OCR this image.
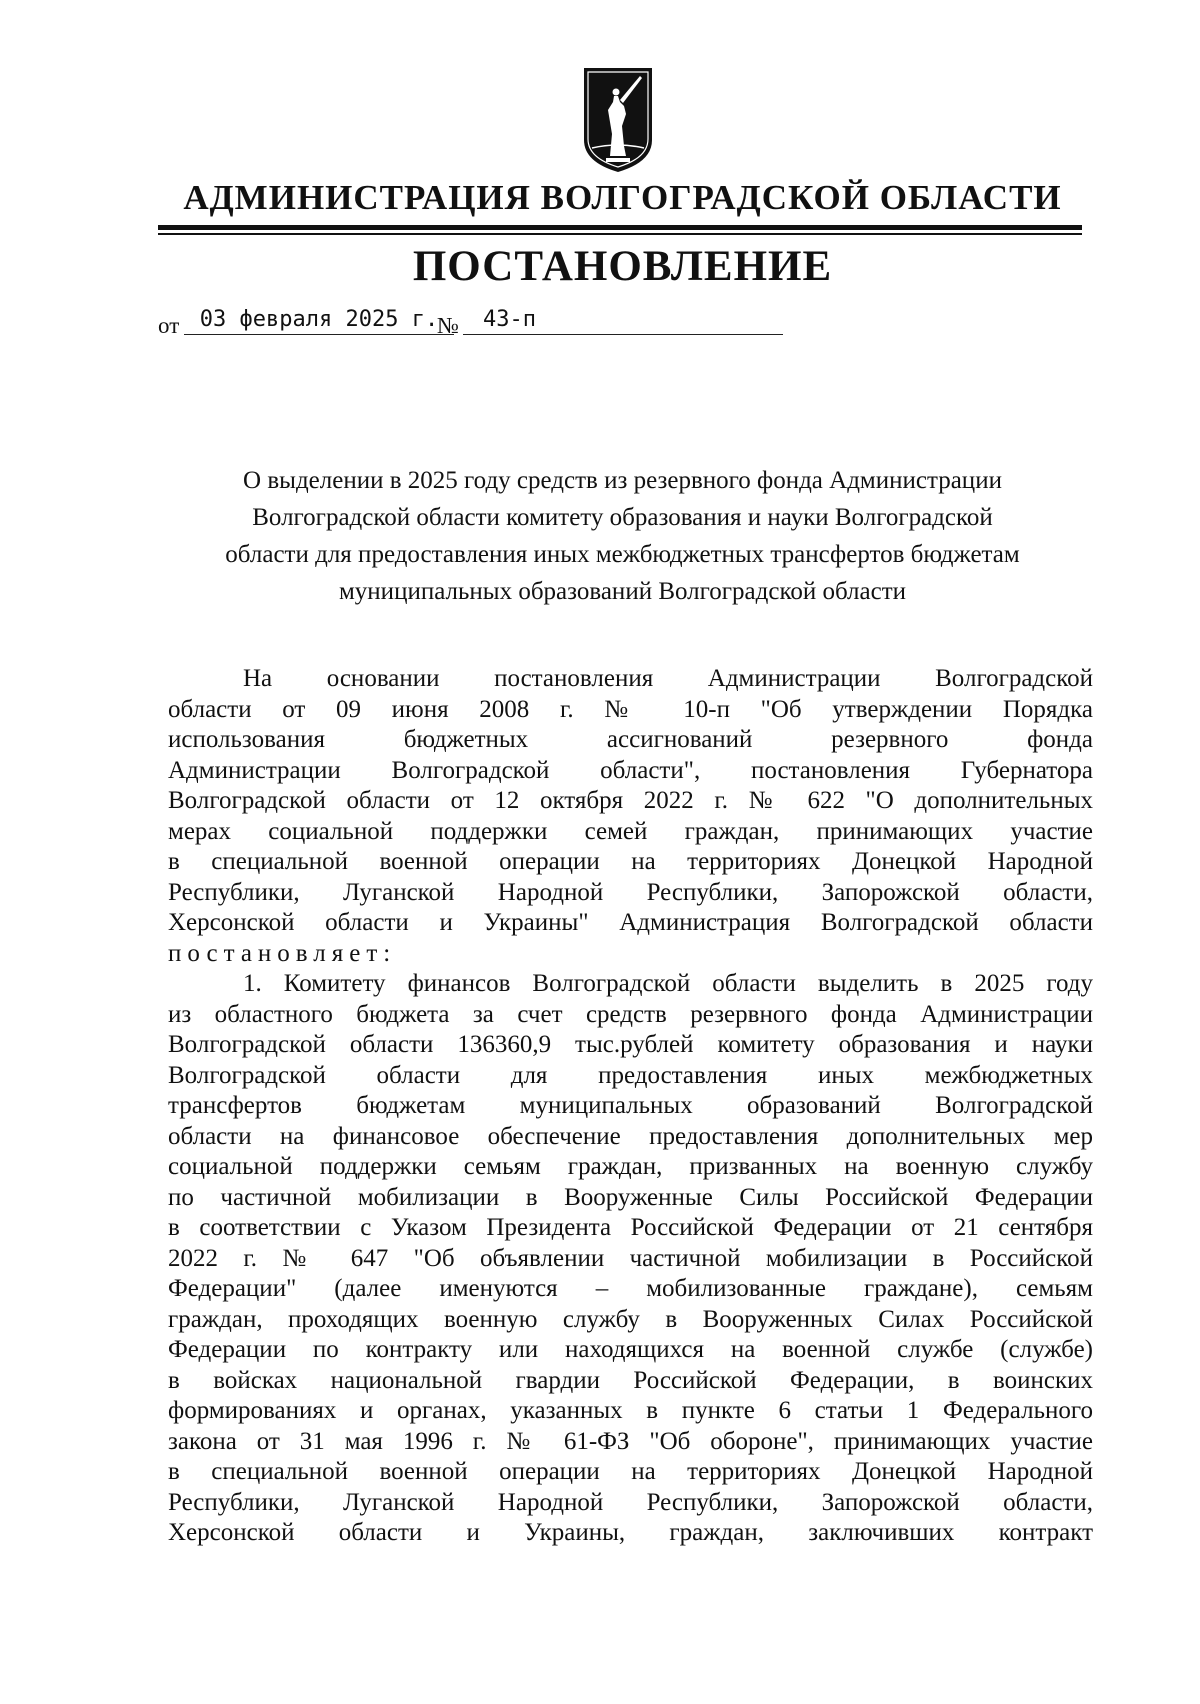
АДМИНИСТРАЦИЯ ВОЛГОГРАДСКОЙ ОБЛАСТИ
ПОСТАНОВЛЕНИЕ
от 03 февраля 2025 г.
№	43-п
О выделении в 2025 году средств из резервного фонда Администрации
Волгоградской области комитету образования и науки Волгоградской
области для предоставления иных межбюджетных трансфертов бюджетам
муниципальных образований Волгоградской области
На основании постановления Администрации Волгоградской
области от 09 июня 2008 г. № 10-п "Об утверждении Порядка
использования бюджетных ассигнований резервного фонда
Администрации Волгоградской области", постановления Губернатора
Волгоградской области от 12 октября 2022 г. № 622 "О дополнительных
мерах социальной поддержки семей граждан, принимающих участие
в специальной военной операции на территориях Донецкой Народной
Республики, Луганской Народной Республики, Запорожской области,
Херсонской области и Украины" Администрация Волгоградской области
постановляет:
1. Комитету финансов Волгоградской области выделить в 2025 году
из областного бюджета за счет средств резервного фонда Администрации
Волгоградской области 136360,9 тыс.рублей комитету образования и науки
Волгоградской области для предоставления иных межбюджетных
трансфертов бюджетам муниципальных образований Волгоградской
области на финансовое обеспечение предоставления дополнительных мер
социальной поддержки семьям граждан, призванных на военную службу
по частичной мобилизации в Вооруженные Силы Российской Федерации
в соответствии с Указом Президента Российской Федерации от 21 сентября
2022 г. № 647 "Об объявлении частичной мобилизации в Российской
Федерации" (далее именуются – мобилизованные граждане), семьям
граждан, проходящих военную службу в Вооруженных Силах Российской
Федерации по контракту или находящихся на военной службе (службе)
в войсках национальной гвардии Российской Федерации, в воинских
формированиях и органах, указанных в пункте 6 статьи 1 Федерального
закона от 31 мая 1996 г. № 61-ФЗ "Об обороне", принимающих участие
в специальной военной операции на территориях Донецкой Народной
Республики, Луганской Народной Республики, Запорожской области,
Херсонской области и Украины, граждан, заключивших контракт
